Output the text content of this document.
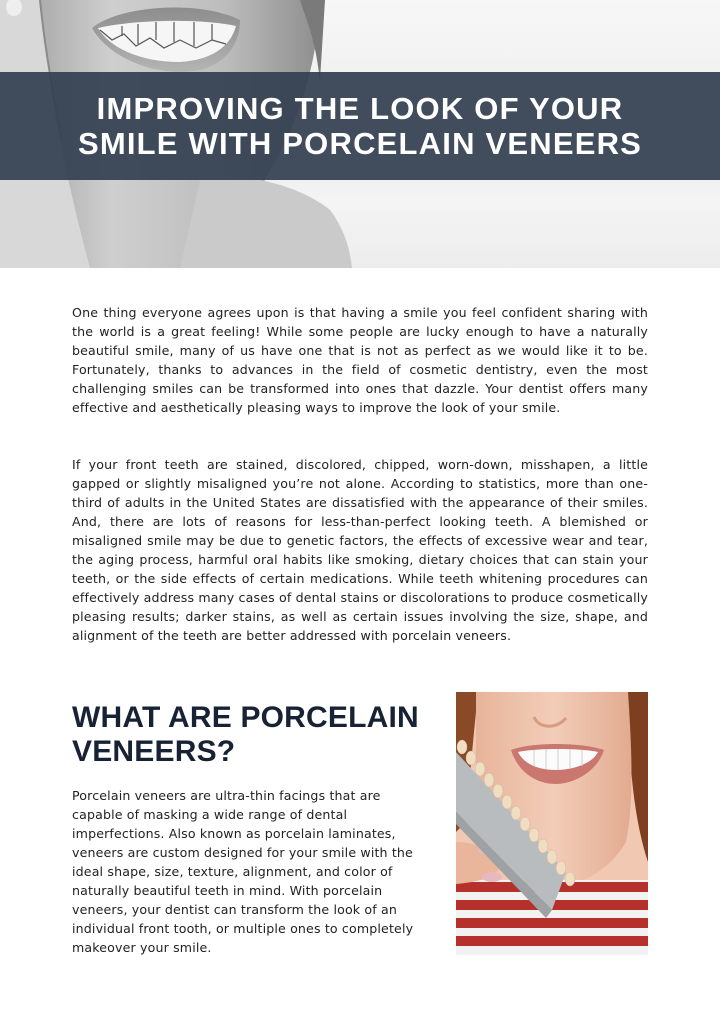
IMPROVING THE LOOK OF YOUR SMILE WITH PORCELAIN VENEERS

One thing everyone agrees upon is that having a smile you feel confident sharing with the world is a great feeling! While some people are lucky enough to have a naturally beautiful smile, many of us have one that is not as perfect as we would like it to be. Fortunately, thanks to advances in the field of cosmetic dentistry, even the most challenging smiles can be transformed into ones that dazzle. Your dentist offers many effective and aesthetically pleasing ways to improve the look of your smile.

If your front teeth are stained, discolored, chipped, worn-down, misshapen, a little gapped or slightly misaligned you’re not alone. According to statistics, more than one-third of adults in the United States are dissatisfied with the appearance of their smiles. And, there are lots of reasons for less-than-perfect looking teeth. A blemished or misaligned smile may be due to genetic factors, the effects of excessive wear and tear, the aging process, harmful oral habits like smoking, dietary choices that can stain your teeth, or the side effects of certain medications. While teeth whitening procedures can effectively address many cases of dental stains or discolorations to produce cosmetically pleasing results; darker stains, as well as certain issues involving the size, shape, and alignment of the teeth are better addressed with porcelain veneers.

WHAT ARE PORCELAIN VENEERS?

Porcelain veneers are ultra-thin facings that are capable of masking a wide range of dental imperfections. Also known as porcelain laminates, veneers are custom designed for your smile with the ideal shape, size, texture, alignment, and color of naturally beautiful teeth in mind. With porcelain veneers, your dentist can transform the look of an individual front tooth, or multiple ones to completely makeover your smile.
